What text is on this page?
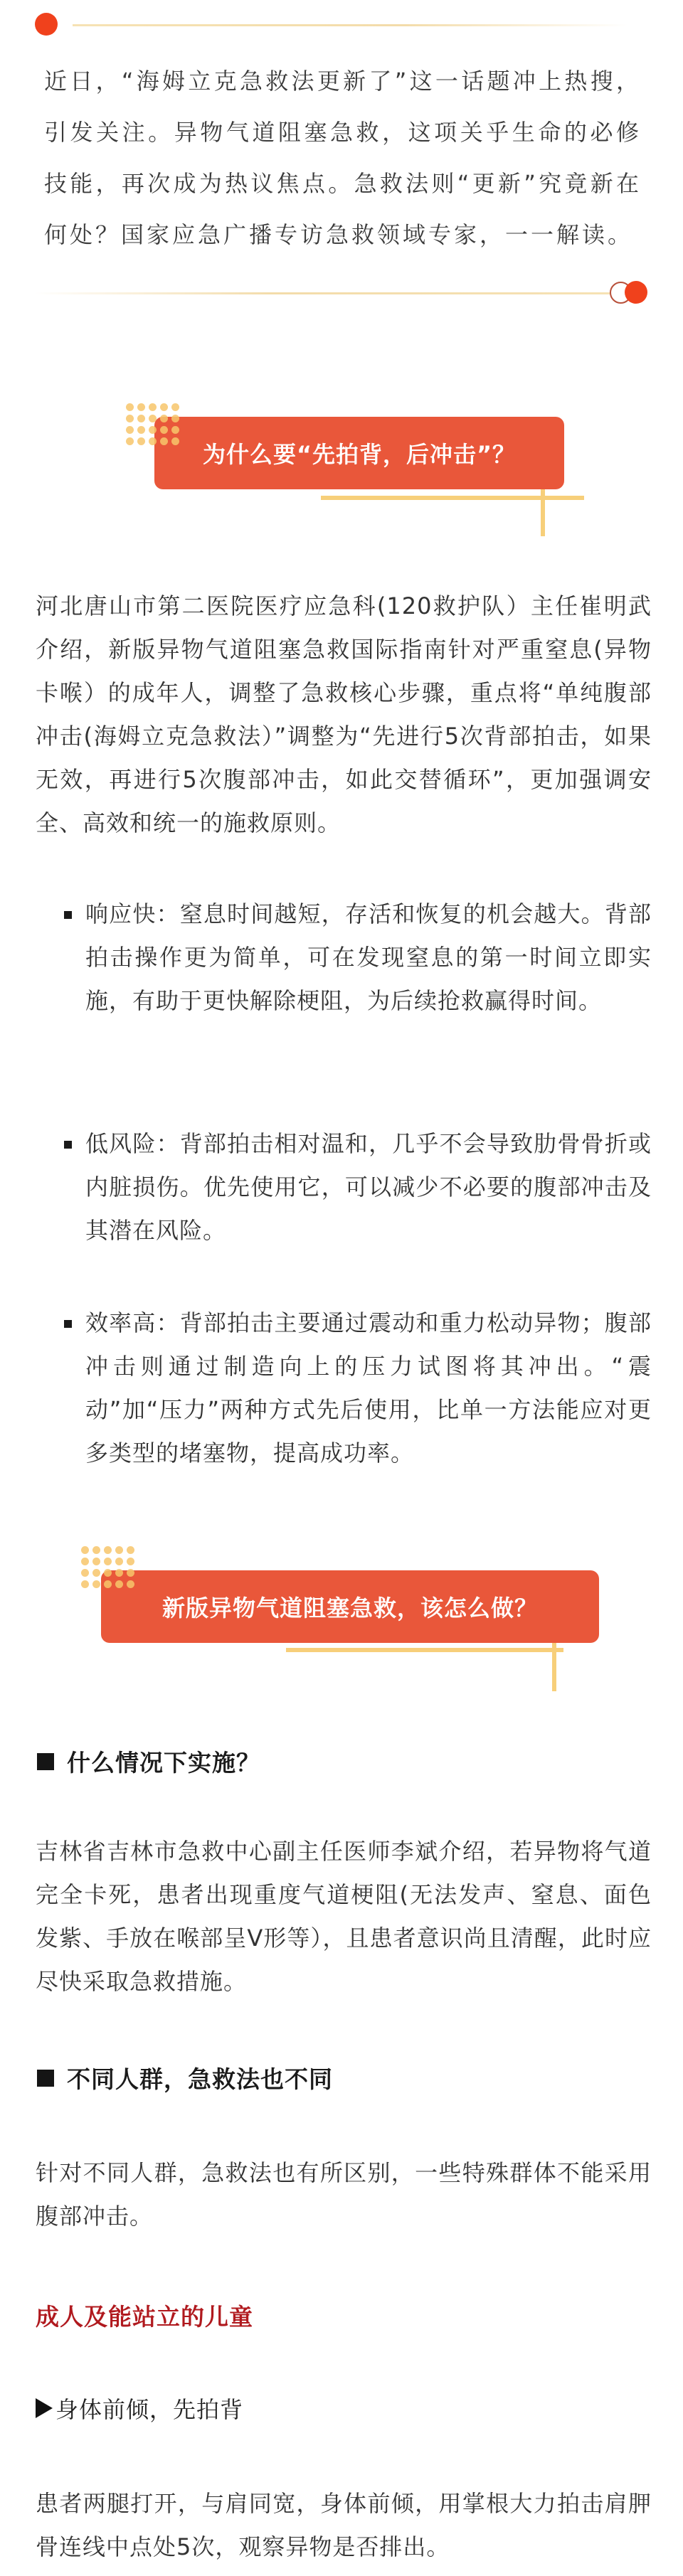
近日，“海姆立克急救法更新了”这一话题冲上热搜，引发关注。异物气道阻塞急救，这项关乎生命的必修技能，再次成为热议焦点。急救法则“更新”究竟新在何处？国家应急广播专访急救领域专家，一一解读。

为什么要“先拍背，后冲击”？

河北唐山市第二医院医疗应急科(120救护队）主任崔明武介绍，新版异物气道阻塞急救国际指南针对严重窒息(异物卡喉）的成年人，调整了急救核心步骤，重点将“单纯腹部冲击(海姆立克急救法）”调整为“先进行5次背部拍击，如果无效，再进行5次腹部冲击，如此交替循环”，更加强调安全、高效和统一的施救原则。

响应快：窒息时间越短，存活和恢复的机会越大。背部拍击操作更为简单，可在发现窒息的第一时间立即实施，有助于更快解除梗阻，为后续抢救赢得时间。

低风险：背部拍击相对温和，几乎不会导致肋骨骨折或内脏损伤。优先使用它，可以减少不必要的腹部冲击及其潜在风险。

效率高：背部拍击主要通过震动和重力松动异物；腹部冲击则通过制造向上的压力试图将其冲出。“震动”加“压力”两种方式先后使用，比单一方法能应对更多类型的堵塞物，提高成功率。

新版异物气道阻塞急救，该怎么做？
什么情况下实施？

吉林省吉林市急救中心副主任医师李斌介绍，若异物将气道完全卡死，患者出现重度气道梗阻(无法发声、窒息、面色发紫、手放在喉部呈V形等），且患者意识尚且清醒，此时应尽快采取急救措施。

不同人群，急救法也不同

针对不同人群，急救法也有所区别，一些特殊群体不能采用腹部冲击。

成人及能站立的儿童
身体前倾，先拍背

患者两腿打开，与肩同宽，身体前倾，用掌根大力拍击肩胛骨连线中点处5次，观察异物是否排出。
